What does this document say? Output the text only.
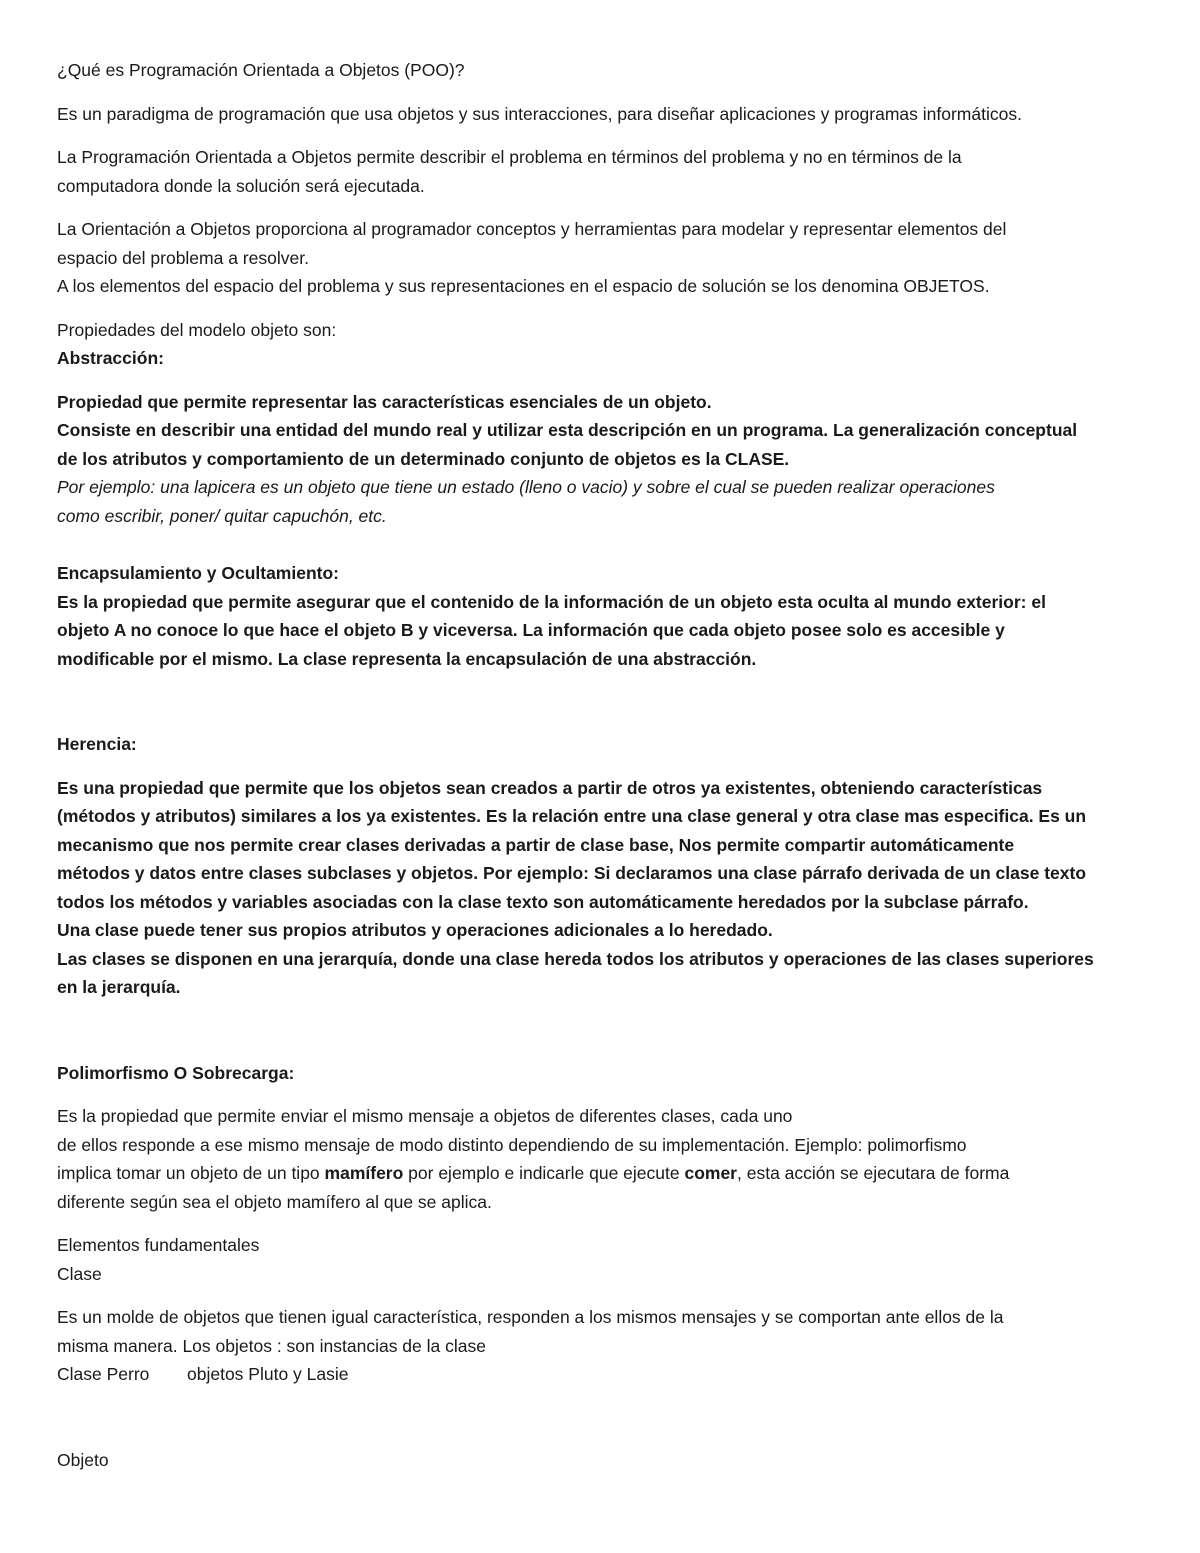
¿Qué es Programación Orientada a Objetos (POO)?
Es un paradigma de programación que usa objetos y sus interacciones, para diseñar aplicaciones y programas informáticos.
La Programación Orientada a Objetos permite describir el problema en términos del problema y no en términos de la
computadora donde la solución será ejecutada.
La Orientación a Objetos proporciona al programador conceptos y herramientas para modelar y representar elementos del
espacio del problema a resolver.
A los elementos del espacio del problema y sus representaciones en el espacio de solución se los denomina OBJETOS.
Propiedades del modelo objeto son:
Abstracción:
Propiedad que permite representar las características esenciales de un objeto.
Consiste en describir una entidad del mundo real y utilizar esta descripción en un programa. La generalización conceptual
de los atributos y comportamiento de un determinado conjunto de objetos es la CLASE.
Por ejemplo: una lapicera es un objeto que tiene un estado (lleno o vacio) y sobre el cual se pueden realizar operaciones
como escribir, poner/ quitar capuchón, etc.
Encapsulamiento y Ocultamiento:
Es la propiedad que permite asegurar que el contenido de la información de un objeto esta oculta al mundo exterior: el
objeto A no conoce lo que hace el objeto B y viceversa. La información que cada objeto posee solo es accesible y
modificable por el mismo. La clase representa la encapsulación de una abstracción.
Herencia:
Es una propiedad que permite que los objetos sean creados a partir de otros ya existentes, obteniendo características
(métodos y atributos) similares a los ya existentes. Es la relación entre una clase general y otra clase mas especifica. Es un
mecanismo que nos permite crear clases derivadas a partir de clase base, Nos permite compartir automáticamente
métodos y datos entre clases subclases y objetos. Por ejemplo: Si declaramos una clase párrafo derivada de un clase texto
todos los métodos y variables asociadas con la clase texto son automáticamente heredados por la subclase párrafo.
Una clase puede tener sus propios atributos y operaciones adicionales a lo heredado.
Las clases se disponen en una jerarquía, donde una clase hereda todos los atributos y operaciones de las clases superiores
en la jerarquía.
Polimorfismo O Sobrecarga:
Es la propiedad que permite enviar el mismo mensaje a objetos de diferentes clases, cada uno
de ellos responde a ese mismo mensaje de modo distinto dependiendo de su implementación. Ejemplo: polimorfismo
implica tomar un objeto de un tipo mamífero por ejemplo e indicarle que ejecute comer, esta acción se ejecutara de forma
diferente según sea el objeto mamífero al que se aplica.
Elementos fundamentales
Clase
Es un molde de objetos que tienen igual característica, responden a los mismos mensajes y se comportan ante ellos de la
misma manera. Los objetos : son instancias de la clase
Clase Perro objetos Pluto y Lasie
Objeto
